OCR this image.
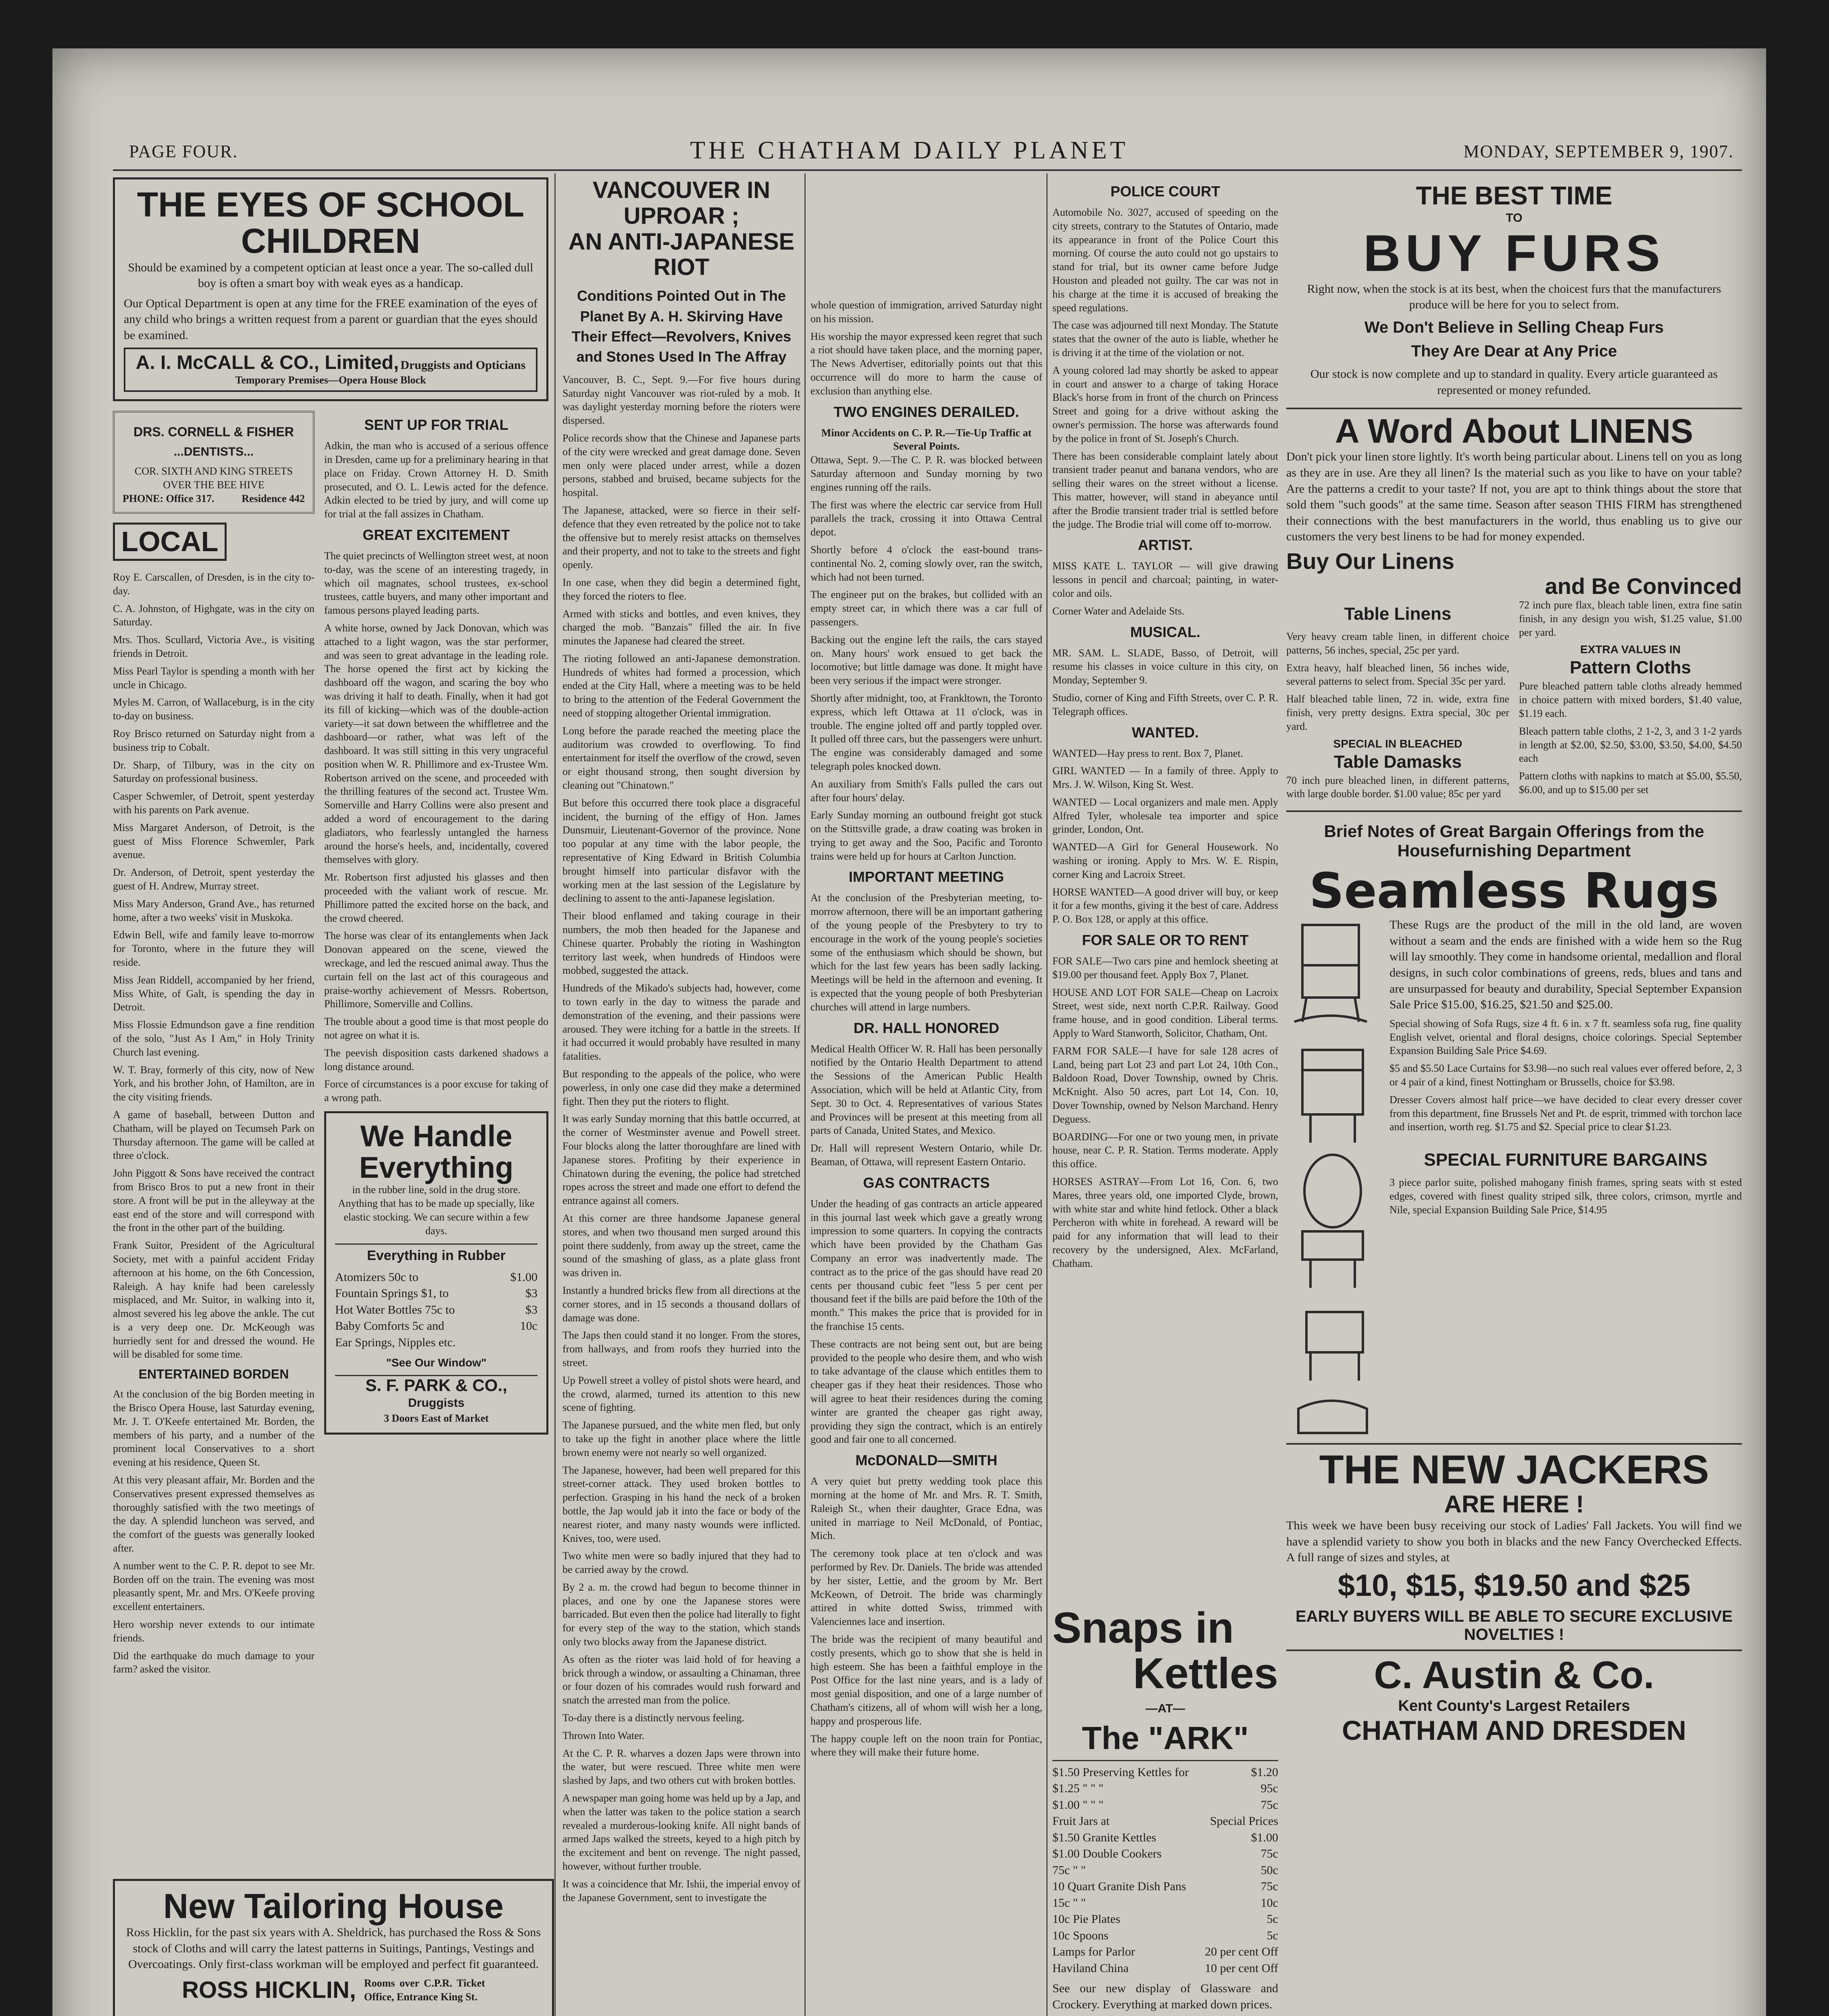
PAGE FOUR.	THE CHATHAM DAILY PLANET	MONDAY, SEPTEMBER 9, 1907.
THE EYES OF SCHOOL CHILDREN

Should be examined by a competent optician at least once a year. The so-called dull boy is often a smart boy with weak eyes as a handicap.

Our Optical Department is open at any time for the FREE examination of the eyes of any child who brings a written request from a parent or guardian that the eyes should be examined.

A. I. McCALL & CO., Limited, Druggists and Opticians
Temporary Premises—Opera House Block
DRS. CORNELL & FISHER
...DENTISTS...
COR. SIXTH AND KING STREETS OVER THE BEE HIVE
PHONE: Office 317.	Residence 442
LOCAL

Roy E. Carscallen, of Dresden, is in the city to-day.

C. A. Johnston, of Highgate, was in the city on Saturday.

Mrs. Thos. Scullard, Victoria Ave., is visiting friends in Detroit.

Miss Pearl Taylor is spending a month with her uncle in Chicago.

Myles M. Carron, of Wallaceburg, is in the city to-day on business.

Roy Brisco returned on Saturday night from a business trip to Cobalt.

Dr. Sharp, of Tilbury, was in the city on Saturday on professional business.

Casper Schwemler, of Detroit, spent yesterday with his parents on Park avenue.

Miss Margaret Anderson, of Detroit, is the guest of Miss Florence Schwemler, Park avenue.

Dr. Anderson, of Detroit, spent yesterday the guest of H. Andrew, Murray street.

Miss Mary Anderson, Grand Ave., has returned home, after a two weeks' visit in Muskoka.

Edwin Bell, wife and family leave to-morrow for Toronto, where in the future they will reside.

Miss Jean Riddell, accompanied by her friend, Miss White, of Galt, is spending the day in Detroit.

Miss Flossie Edmundson gave a fine rendition of the solo, "Just As I Am," in Holy Trinity Church last evening.

W. T. Bray, formerly of this city, now of New York, and his brother John, of Hamilton, are in the city visiting friends.

A game of baseball, between Dutton and Chatham, will be played on Tecumseh Park on Thursday afternoon. The game will be called at three o'clock.

John Piggott & Sons have received the contract from Brisco Bros to put a new front in their store. A front will be put in the alleyway at the east end of the store and will correspond with the front in the other part of the building.

Frank Suitor, President of the Agricultural Society, met with a painful accident Friday afternoon at his home, on the 6th Concession, Raleigh. A hay knife had been carelessly misplaced, and Mr. Suitor, in walking into it, almost severed his leg above the ankle. The cut is a very deep one. Dr. McKeough was hurriedly sent for and dressed the wound. He will be disabled for some time.

ENTERTAINED BORDEN

At the conclusion of the big Borden meeting in the Brisco Opera House, last Saturday evening, Mr. J. T. O'Keefe entertained Mr. Borden, the members of his party, and a number of the prominent local Conservatives to a short evening at his residence, Queen St.

At this very pleasant affair, Mr. Borden and the Conservatives present expressed themselves as thoroughly satisfied with the two meetings of the day. A splendid luncheon was served, and the comfort of the guests was generally looked after.

A number went to the C. P. R. depot to see Mr. Borden off on the train. The evening was most pleasantly spent, Mr. and Mrs. O'Keefe proving excellent entertainers.

Hero worship never extends to our intimate friends.

Did the earthquake do much damage to your farm? asked the visitor.

SENT UP FOR TRIAL

Adkin, the man who is accused of a serious offence in Dresden, came up for a preliminary hearing in that place on Friday. Crown Attorney H. D. Smith prosecuted, and O. L. Lewis acted for the defence. Adkin elected to be tried by jury, and will come up for trial at the fall assizes in Chatham.

GREAT EXCITEMENT

The quiet precincts of Wellington street west, at noon to-day, was the scene of an interesting tragedy, in which oil magnates, school trustees, ex-school trustees, cattle buyers, and many other important and famous persons played leading parts.

A white horse, owned by Jack Donovan, which was attached to a light wagon, was the star performer, and was seen to great advantage in the leading role. The horse opened the first act by kicking the dashboard off the wagon, and scaring the boy who was driving it half to death. Finally, when it had got its fill of kicking—which was of the double-action variety—it sat down between the whiffletree and the dashboard—or rather, what was left of the dashboard. It was still sitting in this very ungraceful position when W. R. Phillimore and ex-Trustee Wm. Robertson arrived on the scene, and proceeded with the thrilling features of the second act. Trustee Wm. Somerville and Harry Collins were also present and added a word of encouragement to the daring gladiators, who fearlessly untangled the harness around the horse's heels, and, incidentally, covered themselves with glory.

Mr. Robertson first adjusted his glasses and then proceeded with the valiant work of rescue. Mr. Phillimore patted the excited horse on the back, and the crowd cheered.

The horse was clear of its entanglements when Jack Donovan appeared on the scene, viewed the wreckage, and led the rescued animal away. Thus the curtain fell on the last act of this courageous and praise-worthy achievement of Messrs. Robertson, Phillimore, Somerville and Collins.

The trouble about a good time is that most people do not agree on what it is.

The peevish disposition casts darkened shadows a long distance around.

Force of circumstances is a poor excuse for taking of a wrong path.

We Handle
Everything

in the rubber line, sold in the drug store. Anything that has to be made up specially, like elastic stocking. We can secure within a few days.

Everything in Rubber
Atomizers 50c to	$1.00
Fountain Springs $1, to	$3
Hot Water Bottles 75c to	$3
Baby Comforts 5c and	10c
Ear Springs, Nipples etc.
"See Our Window"
S. F. PARK & CO.,
Druggists
3 Doors East of Market
New Tailoring House

Ross Hicklin, for the past six years with A. Sheldrick, has purchased the Ross & Sons stock of Cloths and will carry the latest patterns in Suitings, Pantings, Vestings and Overcoatings. Only first-class workman will be employed and perfect fit guaranteed.

ROSS HICKLIN, Rooms over C.P.R. Ticket Office, Entrance King St.
VANCOUVER IN UPROAR ;
AN ANTI-JAPANESE RIOT
Conditions Pointed Out in The Planet By A. H. Skirving Have Their Effect—Revolvers, Knives and Stones Used In The Affray

Vancouver, B. C., Sept. 9.—For five hours during Saturday night Vancouver was riot-ruled by a mob. It was daylight yesterday morning before the rioters were dispersed.

Police records show that the Chinese and Japanese parts of the city were wrecked and great damage done. Seven men only were placed under arrest, while a dozen persons, stabbed and bruised, became subjects for the hospital.

The Japanese, attacked, were so fierce in their self-defence that they even retreated by the police not to take the offensive but to merely resist attacks on themselves and their property, and not to take to the streets and fight openly.

In one case, when they did begin a determined fight, they forced the rioters to flee.

Armed with sticks and bottles, and even knives, they charged the mob. "Banzais" filled the air. In five minutes the Japanese had cleared the street.

The rioting followed an anti-Japanese demonstration. Hundreds of whites had formed a procession, which ended at the City Hall, where a meeting was to be held to bring to the attention of the Federal Government the need of stopping altogether Oriental immigration.

Long before the parade reached the meeting place the auditorium was crowded to overflowing. To find entertainment for itself the overflow of the crowd, seven or eight thousand strong, then sought diversion by cleaning out "Chinatown."

But before this occurred there took place a disgraceful incident, the burning of the effigy of Hon. James Dunsmuir, Lieutenant-Governor of the province. None too popular at any time with the labor people, the representative of King Edward in British Columbia brought himself into particular disfavor with the working men at the last session of the Legislature by declining to assent to the anti-Japanese legislation.

Their blood enflamed and taking courage in their numbers, the mob then headed for the Japanese and Chinese quarter. Probably the rioting in Washington territory last week, when hundreds of Hindoos were mobbed, suggested the attack.

Hundreds of the Mikado's subjects had, however, come to town early in the day to witness the parade and demonstration of the evening, and their passions were aroused. They were itching for a battle in the streets. If it had occurred it would probably have resulted in many fatalities.

But responding to the appeals of the police, who were powerless, in only one case did they make a determined fight. Then they put the rioters to flight.

It was early Sunday morning that this battle occurred, at the corner of Westminster avenue and Powell street. Four blocks along the latter thoroughfare are lined with Japanese stores. Profiting by their experience in Chinatown during the evening, the police had stretched ropes across the street and made one effort to defend the entrance against all comers.

At this corner are three handsome Japanese general stores, and when two thousand men surged around this point there suddenly, from away up the street, came the sound of the smashing of glass, as a plate glass front was driven in.

Instantly a hundred bricks flew from all directions at the corner stores, and in 15 seconds a thousand dollars of damage was done.

The Japs then could stand it no longer. From the stores, from hallways, and from roofs they hurried into the street.

Up Powell street a volley of pistol shots were heard, and the crowd, alarmed, turned its attention to this new scene of fighting.

The Japanese pursued, and the white men fled, but only to take up the fight in another place where the little brown enemy were not nearly so well organized.

The Japanese, however, had been well prepared for this street-corner attack. They used broken bottles to perfection. Grasping in his hand the neck of a broken bottle, the Jap would jab it into the face or body of the nearest rioter, and many nasty wounds were inflicted. Knives, too, were used.

Two white men were so badly injured that they had to be carried away by the crowd.

By 2 a. m. the crowd had begun to become thinner in places, and one by one the Japanese stores were barricaded. But even then the police had literally to fight for every step of the way to the station, which stands only two blocks away from the Japanese district.

As often as the rioter was laid hold of for heaving a brick through a window, or assaulting a Chinaman, three or four dozen of his comrades would rush forward and snatch the arrested man from the police.

To-day there is a distinctly nervous feeling.

Thrown Into Water.

At the C. P. R. wharves a dozen Japs were thrown into the water, but were rescued. Three white men were slashed by Japs, and two others cut with broken bottles.

A newspaper man going home was held up by a Jap, and when the latter was taken to the police station a search revealed a murderous-looking knife. All night bands of armed Japs walked the streets, keyed to a high pitch by the excitement and bent on revenge. The night passed, however, without further trouble.

It was a coincidence that Mr. Ishii, the imperial envoy of the Japanese Government, sent to investigate the

whole question of immigration, arrived Saturday night on his mission.

His worship the mayor expressed keen regret that such a riot should have taken place, and the morning paper, The News Advertiser, editorially points out that this occurrence will do more to harm the cause of exclusion than anything else.

TWO ENGINES DERAILED.
Minor Accidents on C. P. R.—Tie-Up Traffic at Several Points.

Ottawa, Sept. 9.—The C. P. R. was blocked between Saturday afternoon and Sunday morning by two engines running off the rails.

The first was where the electric car service from Hull parallels the track, crossing it into Ottawa Central depot.

Shortly before 4 o'clock the east-bound trans-continental No. 2, coming slowly over, ran the switch, which had not been turned.

The engineer put on the brakes, but collided with an empty street car, in which there was a car full of passengers.

Backing out the engine left the rails, the cars stayed on. Many hours' work ensued to get back the locomotive; but little damage was done. It might have been very serious if the impact were stronger.

Shortly after midnight, too, at Frankltown, the Toronto express, which left Ottawa at 11 o'clock, was in trouble. The engine jolted off and partly toppled over. It pulled off three cars, but the passengers were unhurt. The engine was considerably damaged and some telegraph poles knocked down.

An auxiliary from Smith's Falls pulled the cars out after four hours' delay.

Early Sunday morning an outbound freight got stuck on the Stittsville grade, a draw coating was broken in trying to get away and the Soo, Pacific and Toronto trains were held up for hours at Carlton Junction.

IMPORTANT MEETING

At the conclusion of the Presbyterian meeting, to-morrow afternoon, there will be an important gathering of the young people of the Presbytery to try to encourage in the work of the young people's societies some of the enthusiasm which should be shown, but which for the last few years has been sadly lacking. Meetings will be held in the afternoon and evening. It is expected that the young people of both Presbyterian churches will attend in large numbers.

DR. HALL HONORED

Medical Health Officer W. R. Hall has been personally notified by the Ontario Health Department to attend the Sessions of the American Public Health Association, which will be held at Atlantic City, from Sept. 30 to Oct. 4. Representatives of various States and Provinces will be present at this meeting from all parts of Canada, United States, and Mexico.

Dr. Hall will represent Western Ontario, while Dr. Beaman, of Ottawa, will represent Eastern Ontario.

GAS CONTRACTS

Under the heading of gas contracts an article appeared in this journal last week which gave a greatly wrong impression to some quarters. In copying the contracts which have been provided by the Chatham Gas Company an error was inadvertently made. The contract as to the price of the gas should have read 20 cents per thousand cubic feet "less 5 per cent per thousand feet if the bills are paid before the 10th of the month." This makes the price that is provided for in the franchise 15 cents.

These contracts are not being sent out, but are being provided to the people who desire them, and who wish to take advantage of the clause which entitles them to cheaper gas if they heat their residences. Those who will agree to heat their residences during the coming winter are granted the cheaper gas right away, providing they sign the contract, which is an entirely good and fair one to all concerned.

McDONALD—SMITH

A very quiet but pretty wedding took place this morning at the home of Mr. and Mrs. R. T. Smith, Raleigh St., when their daughter, Grace Edna, was united in marriage to Neil McDonald, of Pontiac, Mich.

The ceremony took place at ten o'clock and was performed by Rev. Dr. Daniels. The bride was attended by her sister, Lettie, and the groom by Mr. Bert McKeown, of Detroit. The bride was charmingly attired in white dotted Swiss, trimmed with Valenciennes lace and insertion.

The bride was the recipient of many beautiful and costly presents, which go to show that she is held in high esteem. She has been a faithful employe in the Post Office for the last nine years, and is a lady of most genial disposition, and one of a large number of Chatham's citizens, all of whom will wish her a long, happy and prosperous life.

The happy couple left on the noon train for Pontiac, where they will make their future home.

POLICE COURT

Automobile No. 3027, accused of speeding on the city streets, contrary to the Statutes of Ontario, made its appearance in front of the Police Court this morning. Of course the auto could not go upstairs to stand for trial, but its owner came before Judge Houston and pleaded not guilty. The car was not in his charge at the time it is accused of breaking the speed regulations.

The case was adjourned till next Monday. The Statute states that the owner of the auto is liable, whether he is driving it at the time of the violation or not.

A young colored lad may shortly be asked to appear in court and answer to a charge of taking Horace Black's horse from in front of the church on Princess Street and going for a drive without asking the owner's permission. The horse was afterwards found by the police in front of St. Joseph's Church.

There has been considerable complaint lately about transient trader peanut and banana vendors, who are selling their wares on the street without a license. This matter, however, will stand in abeyance until after the Brodie transient trader trial is settled before the judge. The Brodie trial will come off to-morrow.

ARTIST.

MISS KATE L. TAYLOR — will give drawing lessons in pencil and charcoal; painting, in water-color and oils.

Corner Water and Adelaide Sts.

MUSICAL.

MR. SAM. L. SLADE, Basso, of Detroit, will resume his classes in voice culture in this city, on Monday, September 9.

Studio, corner of King and Fifth Streets, over C. P. R. Telegraph offices.

WANTED.

WANTED—Hay press to rent. Box 7, Planet.

GIRL WANTED — In a family of three. Apply to Mrs. J. W. Wilson, King St. West.

WANTED — Local organizers and male men. Apply Alfred Tyler, wholesale tea importer and spice grinder, London, Ont.

WANTED—A Girl for General Housework. No washing or ironing. Apply to Mrs. W. E. Rispin, corner King and Lacroix Street.

HORSE WANTED—A good driver will buy, or keep it for a few months, giving it the best of care. Address P. O. Box 128, or apply at this office.

FOR SALE OR TO RENT

FOR SALE—Two cars pine and hemlock sheeting at $19.00 per thousand feet. Apply Box 7, Planet.

HOUSE AND LOT FOR SALE—Cheap on Lacroix Street, west side, next north C.P.R. Railway. Good frame house, and in good condition. Liberal terms. Apply to Ward Stanworth, Solicitor, Chatham, Ont.

FARM FOR SALE—I have for sale 128 acres of Land, being part Lot 23 and part Lot 24, 10th Con., Baldoon Road, Dover Township, owned by Chris. McKnight. Also 50 acres, part Lot 14, Con. 10, Dover Township, owned by Nelson Marchand. Henry Deguess.

BOARDING—For one or two young men, in private house, near C. P. R. Station. Terms moderate. Apply this office.

HORSES ASTRAY—From Lot 16, Con. 6, two Mares, three years old, one imported Clyde, brown, with white star and white hind fetlock. Other a black Percheron with white in forehead. A reward will be paid for any information that will lead to their recovery by the undersigned, Alex. McFarland, Chatham.

Snaps in
Kettles
—AT—
The "ARK"
$1.50 Preserving Kettles for	$1.20
$1.25 " " "	95c
$1.00 " " "	75c
Fruit Jars at	Special Prices
$1.50 Granite Kettles	$1.00
$1.00 Double Cookers	75c
75c " "	50c
10 Quart Granite Dish Pans	75c
15c " "	10c
10c Pie Plates	5c
10c Spoons	5c
Lamps for Parlor	20 per cent Off
Haviland China	10 per cent Off

See our new display of Glassware and Crockery. Everything at marked down prices.

THE BEST TIME
TO
BUY FURS

Right now, when the stock is at its best, when the choicest furs that the manufacturers produce will be here for you to select from.

We Don't Believe in Selling Cheap Furs
They Are Dear at Any Price

Our stock is now complete and up to standard in quality. Every article guaranteed as represented or money refunded.

A Word About LINENS

Don't pick your linen store lightly. It's worth being particular about. Linens tell on you as long as they are in use. Are they all linen? Is the material such as you like to have on your table? Are the patterns a credit to your taste? If not, you are apt to think things about the store that sold them "such goods" at the same time. Season after season THIS FIRM has strengthened their connections with the best manufacturers in the world, thus enabling us to give our customers the very best linens to be had for money expended.

Buy Our Linens
and Be Convinced
Table Linens

Very heavy cream table linen, in different choice patterns, 56 inches, special, 25c per yard.

Extra heavy, half bleached linen, 56 inches wide, several patterns to select from. Special 35c per yard.

Half bleached table linen, 72 in. wide, extra fine finish, very pretty designs. Extra special, 30c per yard.

SPECIAL IN BLEACHED
Table Damasks

70 inch pure bleached linen, in different patterns, with large double border. $1.00 value; 85c per yard

72 inch pure flax, bleach table linen, extra fine satin finish, in any design you wish, $1.25 value, $1.00 per yard.

EXTRA VALUES IN
Pattern Cloths

Pure bleached pattern table cloths already hemmed in choice pattern with mixed borders, $1.40 value, $1.19 each.

Bleach pattern table cloths, 2 1-2, 3, and 3 1-2 yards in length at $2.00, $2.50, $3.00, $3.50, $4.00, $4.50 each

Pattern cloths with napkins to match at $5.00, $5.50, $6.00, and up to $15.00 per set

Brief Notes of Great Bargain Offerings from the Housefurnishing Department
Seamless Rugs

These Rugs are the product of the mill in the old land, are woven without a seam and the ends are finished with a wide hem so the Rug will lay smoothly. They come in handsome oriental, medallion and floral designs, in such color combinations of greens, reds, blues and tans and are unsurpassed for beauty and durability, Special September Expansion Sale Price $15.00, $16.25, $21.50 and $25.00.

Special showing of Sofa Rugs, size 4 ft. 6 in. x 7 ft. seamless sofa rug, fine quality English velvet, oriental and floral designs, choice colorings. Special September Expansion Building Sale Price $4.69.

$5 and $5.50 Lace Curtains for $3.98—no such real values ever offered before, 2, 3 or 4 pair of a kind, finest Nottingham or Brussells, choice for $3.98.

Dresser Covers almost half price—we have decided to clear every dresser cover from this department, fine Brussels Net and Pt. de esprit, trimmed with torchon lace and insertion, worth reg. $1.75 and $2. Special price to clear $1.23.

SPECIAL FURNITURE BARGAINS

3 piece parlor suite, polished mahogany finish frames, spring seats with st ested edges, covered with finest quality striped silk, three colors, crimson, myrtle and Nile, special Expansion Building Sale Price, $14.95

THE NEW JACKERS
ARE HERE !

This week we have been busy receiving our stock of Ladies' Fall Jackets. You will find we have a splendid variety to show you both in blacks and the new Fancy Overchecked Effects. A full range of sizes and styles, at

$10, $15, $19.50 and $25
EARLY BUYERS WILL BE ABLE TO SECURE EXCLUSIVE NOVELTIES !
C. Austin & Co.
Kent County's Largest Retailers
CHATHAM AND DRESDEN
